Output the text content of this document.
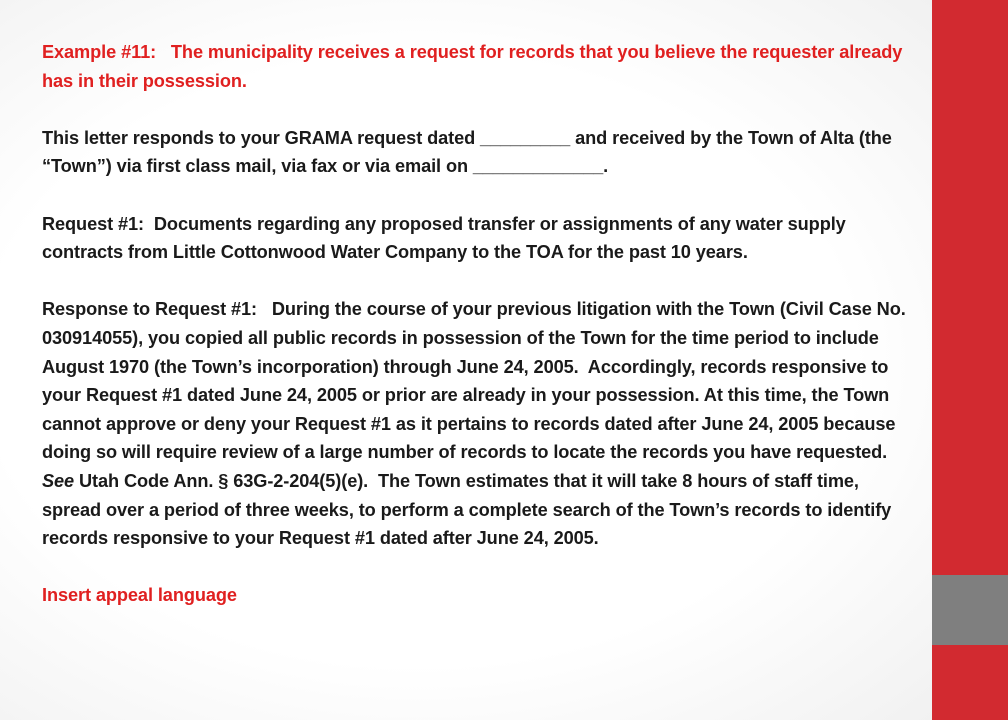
Example #11: The municipality receives a request for records that you believe the requester already has in their possession.

This letter responds to your GRAMA request dated _________ and received by the Town of Alta (the “Town”) via first class mail, via fax or via email on _____________.

Request #1:  Documents regarding any proposed transfer or assignments of any water supply contracts from Little Cottonwood Water Company to the TOA for the past 10 years.

Response to Request #1:   During the course of your previous litigation with the Town (Civil Case No. 030914055), you copied all public records in possession of the Town for the time period to include August 1970 (the Town’s incorporation) through June 24, 2005.  Accordingly, records responsive to your Request #1 dated June 24, 2005 or prior are already in your possession. At this time, the Town cannot approve or deny your Request #1 as it pertains to records dated after June 24, 2005 because doing so will require review of a large number of records to locate the records you have requested. See Utah Code Ann. § 63G-2-204(5)(e).  The Town estimates that it will take 8 hours of staff time, spread over a period of three weeks, to perform a complete search of the Town’s records to identify records responsive to your Request #1 dated after June 24, 2005.

Insert appeal language
